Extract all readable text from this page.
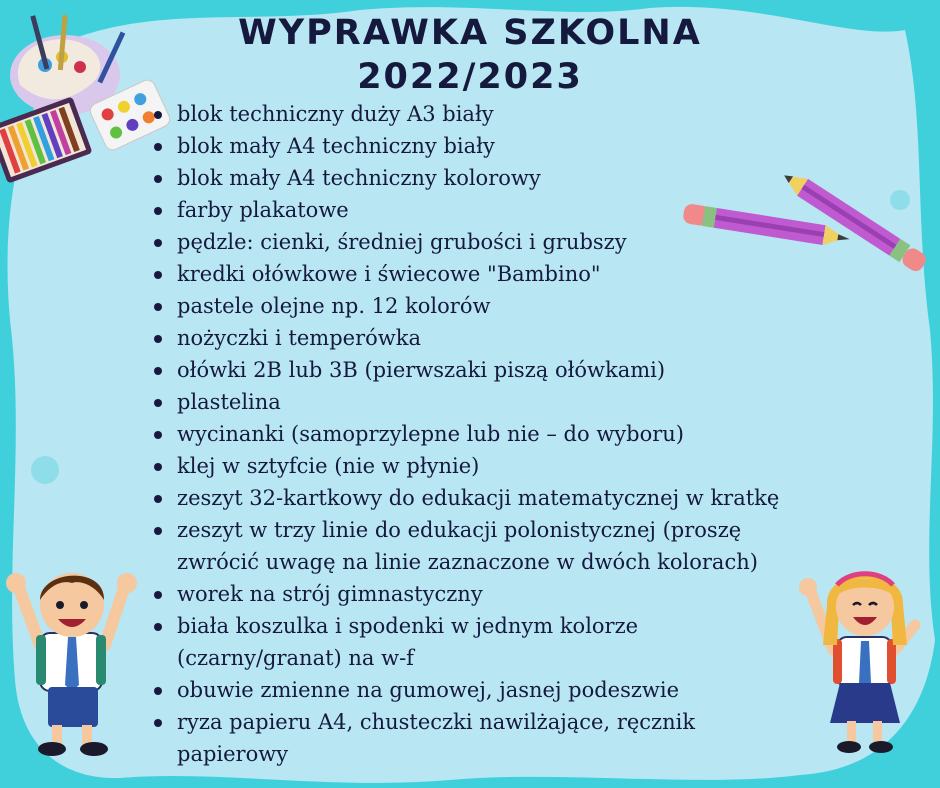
WYPRAWKA SZKOLNA
2022/2023
blok techniczny duży A3 biały
blok mały A4 techniczny biały
blok mały A4 techniczny kolorowy
farby plakatowe
pędzle: cienki, średniej grubości i grubszy
kredki ołówkowe i świecowe "Bambino"
pastele olejne np. 12 kolorów
nożyczki i temperówka
ołówki 2B lub 3B (pierwszaki piszą ołówkami)
plastelina
wycinanki (samoprzylepne lub nie – do wyboru)
klej w sztyfcie (nie w płynie)
zeszyt 32-kartkowy do edukacji matematycznej w kratkę
zeszyt w trzy linie do edukacji polonistycznej (proszę
zwrócić uwagę na linie zaznaczone w dwóch kolorach)
worek na strój gimnastyczny
biała koszulka i spodenki w jednym kolorze
(czarny/granat) na w-f
obuwie zmienne na gumowej, jasnej podeszwie
ryza papieru A4, chusteczki nawilżające, ręcznik
papierowy
